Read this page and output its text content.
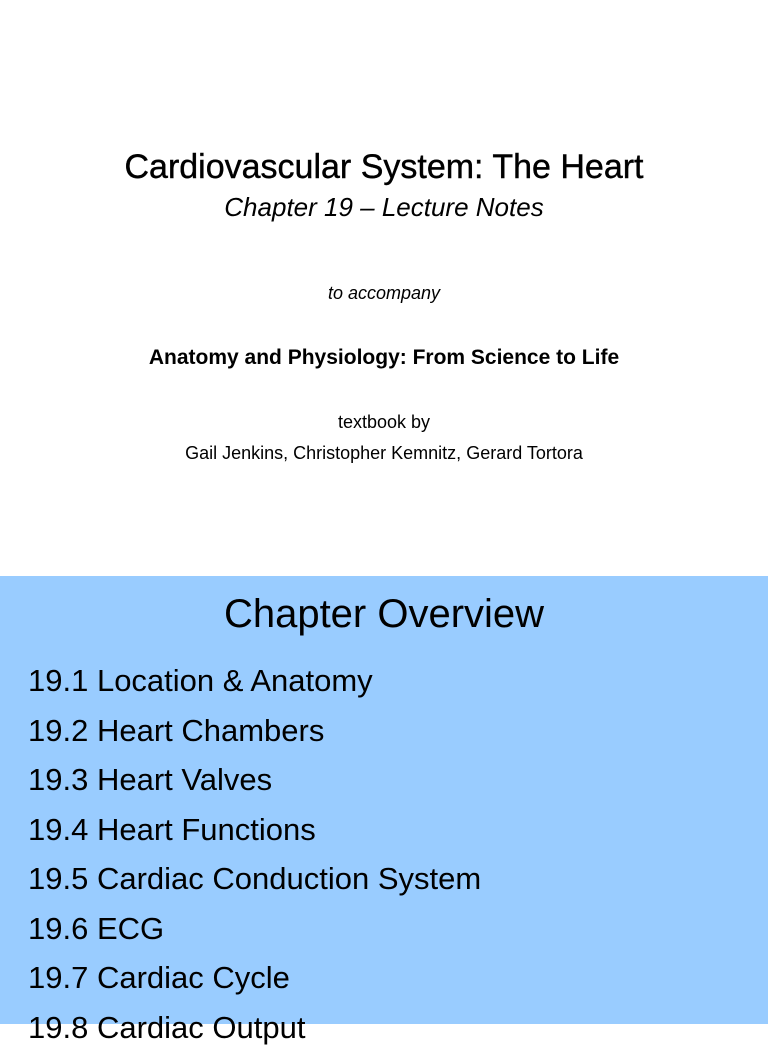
Cardiovascular System: The Heart
Chapter 19 – Lecture Notes
to accompany
Anatomy and Physiology: From Science to Life
textbook by
Gail Jenkins, Christopher Kemnitz, Gerard Tortora
Chapter Overview
19.1 Location & Anatomy
19.2 Heart Chambers
19.3 Heart Valves
19.4 Heart Functions
19.5 Cardiac Conduction System
19.6 ECG
19.7 Cardiac Cycle
19.8 Cardiac Output
